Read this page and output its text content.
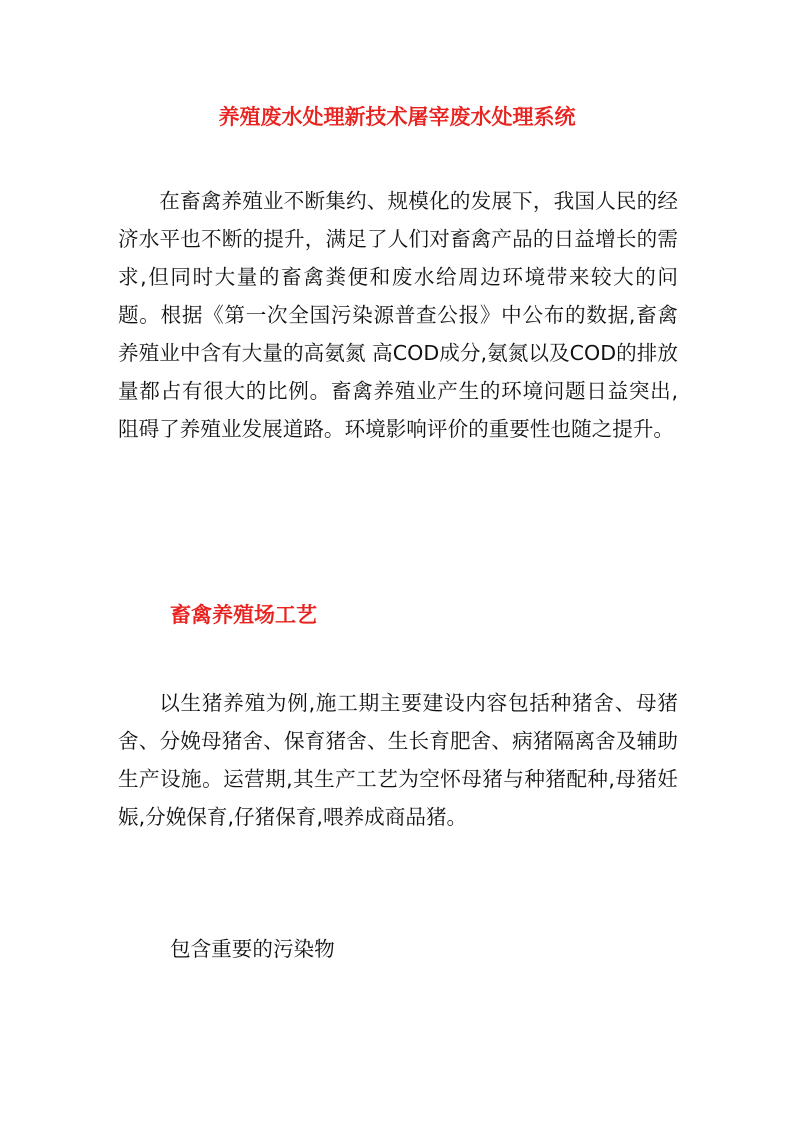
养殖废水处理新技术屠宰废水处理系统

在畜禽养殖业不断集约、规模化的发展下，我国人民的经济水平也不断的提升，满足了人们对畜禽产品的日益增长的需求,但同时大量的畜禽粪便和废水给周边环境带来较大的问题。根据《第一次全国污染源普查公报》中公布的数据,畜禽养殖业中含有大量的高氨氮 高COD成分,氨氮以及COD的排放量都占有很大的比例。畜禽养殖业产生的环境问题日益突出,阻碍了养殖业发展道路。环境影响评价的重要性也随之提升。

畜禽养殖场工艺

以生猪养殖为例,施工期主要建设内容包括种猪舍、母猪舍、分娩母猪舍、保育猪舍、生长育肥舍、病猪隔离舍及辅助生产设施。运营期,其生产工艺为空怀母猪与种猪配种,母猪妊娠,分娩保育,仔猪保育,喂养成商品猪。

包含重要的污染物
